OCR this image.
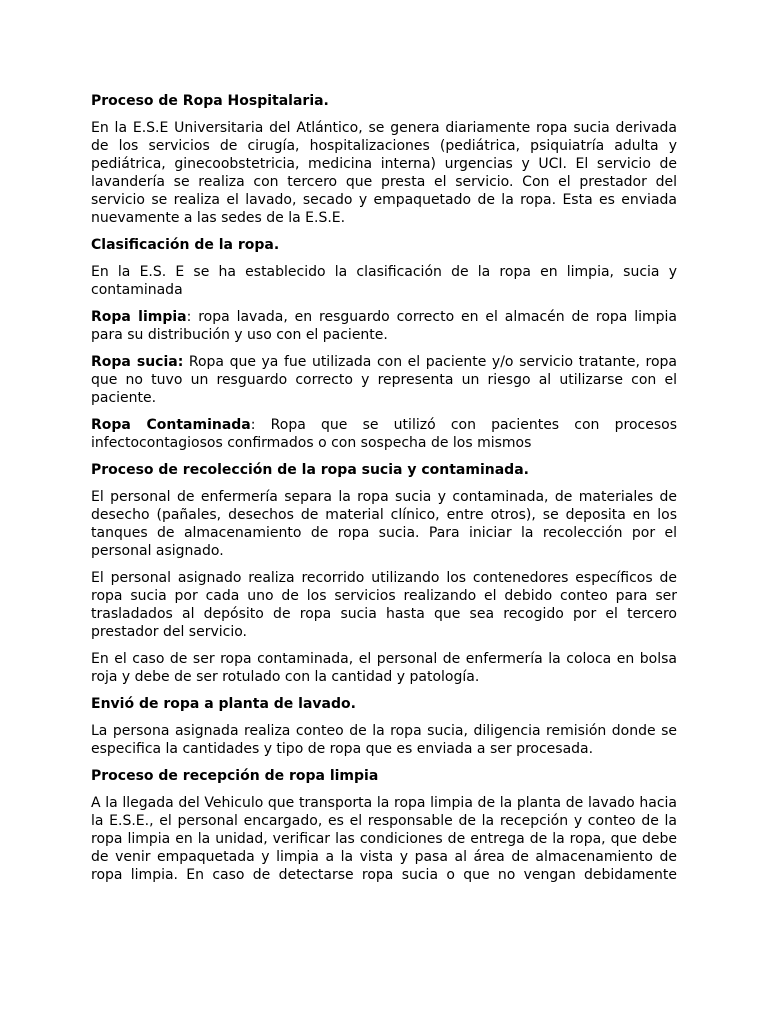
Proceso de Ropa Hospitalaria.

En la E.S.E Universitaria del Atlántico, se genera diariamente ropa sucia derivada de los servicios de cirugía, hospitalizaciones (pediátrica, psiquiatría adulta y pediátrica, ginecoobstetricia, medicina interna) urgencias y UCI. El servicio de lavandería se realiza con tercero que presta el servicio. Con el prestador del servicio se realiza el lavado, secado y empaquetado de la ropa. Esta es enviada nuevamente a las sedes de la E.S.E.

Clasificación de la ropa.

En la E.S. E se ha establecido la clasificación de la ropa en limpia, sucia y contaminada

Ropa limpia: ropa lavada, en resguardo correcto en el almacén de ropa limpia para su distribución y uso con el paciente.

Ropa sucia: Ropa que ya fue utilizada con el paciente y/o servicio tratante, ropa que no tuvo un resguardo correcto y representa un riesgo al utilizarse con el paciente.

Ropa Contaminada: Ropa que se utilizó con pacientes con procesos infectocontagiosos confirmados o con sospecha de los mismos

Proceso de recolección de la ropa sucia y contaminada.

El personal de enfermería separa la ropa sucia y contaminada, de materiales de desecho (pañales, desechos de material clínico, entre otros), se deposita en los tanques de almacenamiento de ropa sucia. Para iniciar la recolección por el personal asignado.

El personal asignado realiza recorrido utilizando los contenedores específicos de ropa sucia por cada uno de los servicios realizando el debido conteo para ser trasladados al depósito de ropa sucia hasta que sea recogido por el tercero prestador del servicio.

En el caso de ser ropa contaminada, el personal de enfermería la coloca en bolsa roja y debe de ser rotulado con la cantidad y patología.

Envió de ropa a planta de lavado.

La persona asignada realiza conteo de la ropa sucia, diligencia remisión donde se especifica la cantidades y tipo de ropa que es enviada a ser procesada.

Proceso de recepción de ropa limpia

A la llegada del Vehiculo que transporta la ropa limpia de la planta de lavado hacia la E.S.E., el personal encargado, es el responsable de la recepción y conteo de la ropa limpia en la unidad, verificar las condiciones de entrega de la ropa, que debe de venir empaquetada y limpia a la vista y pasa al área de almacenamiento de ropa limpia. En caso de detectarse ropa sucia o que no vengan debidamente
